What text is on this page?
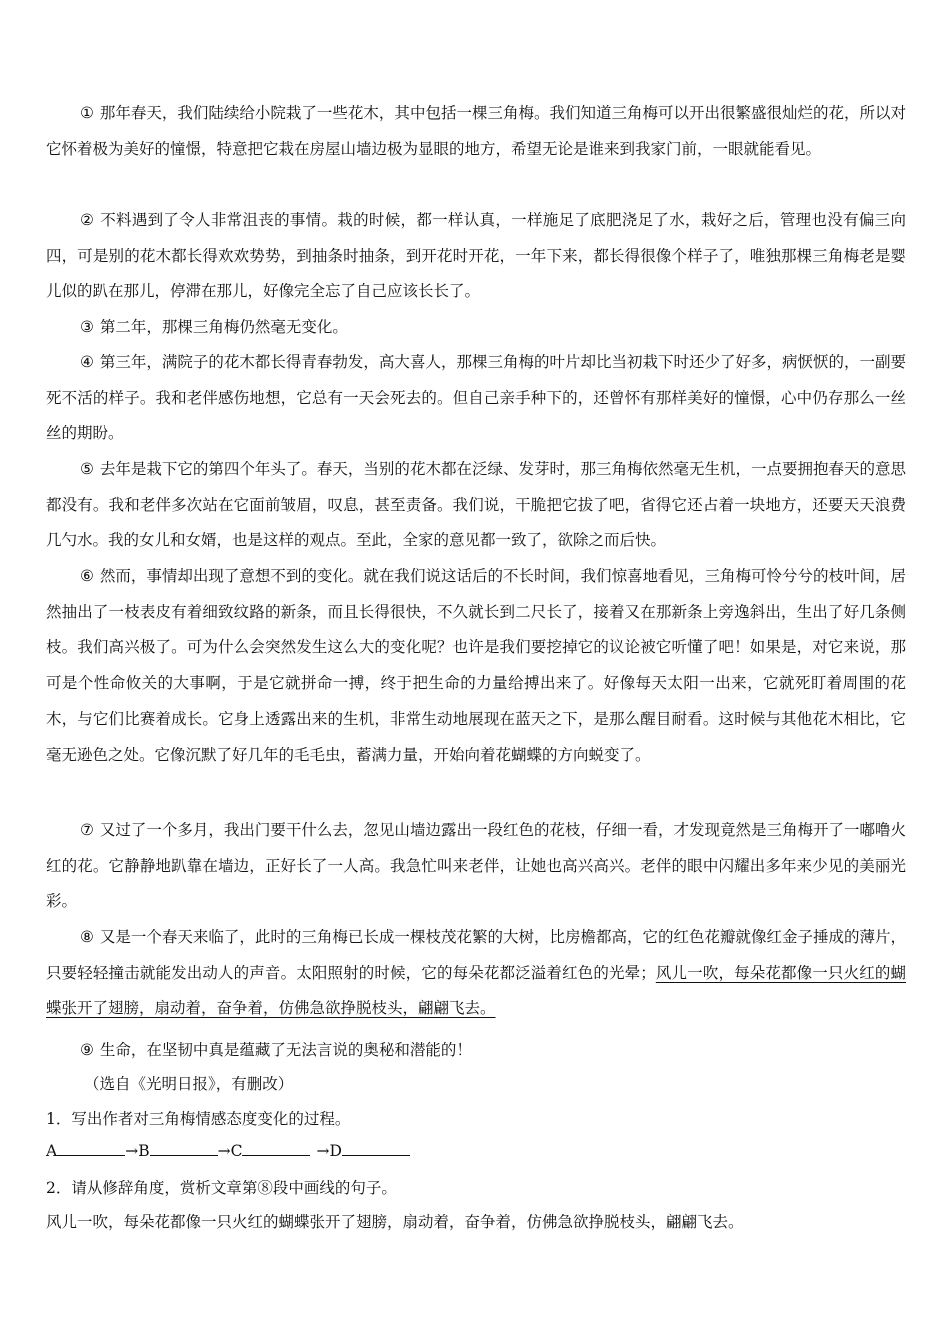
① 那年春天，我们陆续给小院栽了一些花木，其中包括一棵三角梅。我们知道三角梅可以开出很繁盛很灿烂的花，所以对它怀着极为美好的憧憬，特意把它栽在房屋山墙边极为显眼的地方，希望无论是谁来到我家门前，一眼就能看见。

② 不料遇到了令人非常沮丧的事情。栽的时候，都一样认真，一样施足了底肥浇足了水，栽好之后，管理也没有偏三向四，可是别的花木都长得欢欢势势，到抽条时抽条，到开花时开花，一年下来，都长得很像个样子了，唯独那棵三角梅老是婴儿似的趴在那儿，停滞在那儿，好像完全忘了自己应该长长了。

③ 第二年，那棵三角梅仍然毫无变化。

④ 第三年，满院子的花木都长得青春勃发，高大喜人，那棵三角梅的叶片却比当初栽下时还少了好多，病恹恹的，一副要死不活的样子。我和老伴感伤地想，它总有一天会死去的。但自己亲手种下的，还曾怀有那样美好的憧憬，心中仍存那么一丝丝的期盼。

⑤ 去年是栽下它的第四个年头了。春天，当别的花木都在泛绿、发芽时，那三角梅依然毫无生机，一点要拥抱春天的意思都没有。我和老伴多次站在它面前皱眉，叹息，甚至责备。我们说，干脆把它拔了吧，省得它还占着一块地方，还要天天浪费几勺水。我的女儿和女婿，也是这样的观点。至此，全家的意见都一致了，欲除之而后快。

⑥ 然而，事情却出现了意想不到的变化。就在我们说这话后的不长时间，我们惊喜地看见，三角梅可怜兮兮的枝叶间，居然抽出了一枝表皮有着细致纹路的新条，而且长得很快，不久就长到二尺长了，接着又在那新条上旁逸斜出，生出了好几条侧枝。我们高兴极了。可为什么会突然发生这么大的变化呢？也许是我们要挖掉它的议论被它听懂了吧！如果是，对它来说，那可是个性命攸关的大事啊，于是它就拼命一搏，终于把生命的力量给搏出来了。好像每天太阳一出来，它就死盯着周围的花木，与它们比赛着成长。它身上透露出来的生机，非常生动地展现在蓝天之下，是那么醒目耐看。这时候与其他花木相比，它毫无逊色之处。它像沉默了好几年的毛毛虫，蓄满力量，开始向着花蝴蝶的方向蜕变了。

⑦ 又过了一个多月，我出门要干什么去，忽见山墙边露出一段红色的花枝，仔细一看，才发现竟然是三角梅开了一嘟噜火红的花。它静静地趴靠在墙边，正好长了一人高。我急忙叫来老伴，让她也高兴高兴。老伴的眼中闪耀出多年来少见的美丽光彩。

⑧ 又是一个春天来临了，此时的三角梅已长成一棵枝茂花繁的大树，比房檐都高，它的红色花瓣就像红金子捶成的薄片，只要轻轻撞击就能发出动人的声音。太阳照射的时候，它的每朵花都泛溢着红色的光晕；风儿一吹，每朵花都像一只火红的蝴蝶张开了翅膀，扇动着，奋争着，仿佛急欲挣脱枝头，翩翩飞去。

⑨ 生命，在坚韧中真是蕴藏了无法言说的奥秘和潜能的！

（选自《光明日报》，有删改）

1．写出作者对三角梅情感态度变化的过程。

A	→B	→C	→D

2．请从修辞角度，赏析文章第⑧段中画线的句子。

风儿一吹，每朵花都像一只火红的蝴蝶张开了翅膀，扇动着，奋争着，仿佛急欲挣脱枝头，翩翩飞去。
